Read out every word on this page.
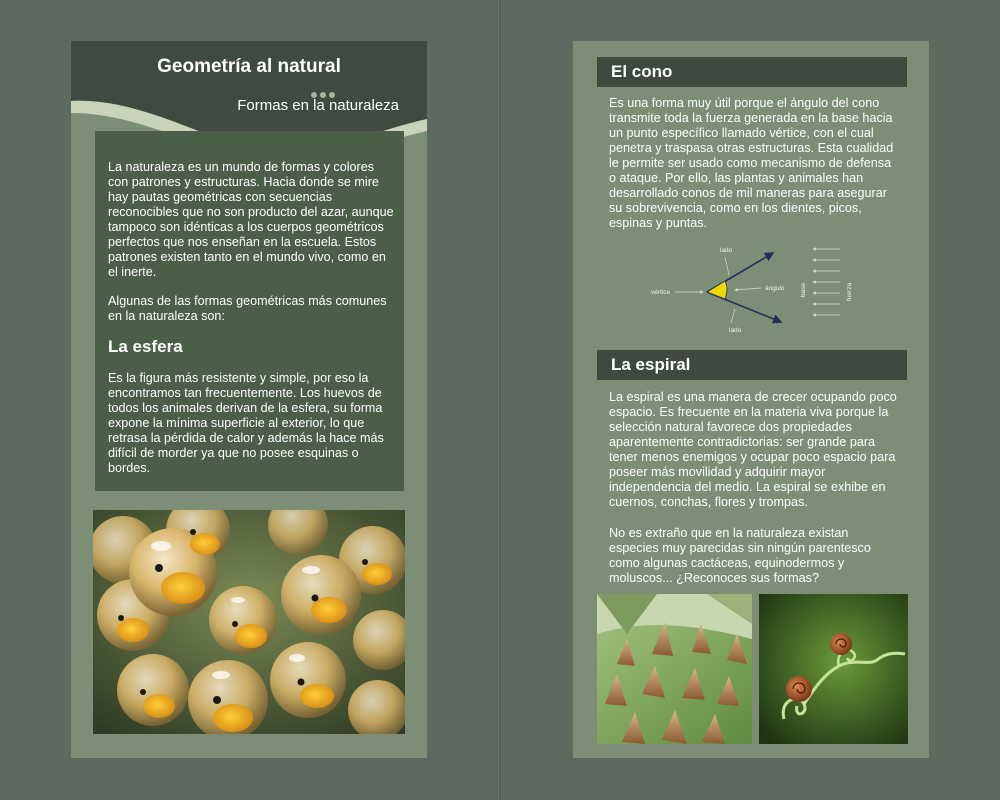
Geometría al natural
Formas en la naturaleza
La naturaleza es un mundo de formas y colores con patrones y estructuras. Hacia donde se mire hay pautas geométricas con secuencias reconocibles que no son producto del azar, aunque tampoco son idénticas a los cuerpos geométricos perfectos que nos enseñan en la escuela. Estos patrones existen tanto en el mundo vivo, como en el inerte.
Algunas de las formas geométricas más comunes en la naturaleza son:
La esfera
Es la figura más resistente y simple, por eso la encontramos tan frecuentemente. Los huevos de todos los animales derivan de la esfera, su forma expone la mínima superficie al exterior, lo que retrasa la pérdida de calor y además la hace más difícil de morder ya que no posee esquinas o bordes.
El cono
Es una forma muy útil porque el ángulo del cono transmite toda la fuerza generada en la base hacia un punto específico llamado vértice, con el cual penetra y traspasa otras estructuras. Esta cualidad le permite ser usado como mecanismo de defensa o ataque. Por ello, las plantas y animales han desarrollado conos de mil maneras para asegurar su sobrevivencia, como en los dientes, picos, espinas y puntas.
lado
lado
vértice
ángulo base	fuerza
La espiral
La espiral es una manera de crecer ocupando poco espacio. Es frecuente en la materia viva porque la selección natural favorece dos propiedades aparentemente contradictorias: ser grande para tener menos enemigos y ocupar poco espacio para poseer más movilidad y adquirir mayor independencia del medio. La espiral se exhibe en cuernos, conchas, flores y trompas.
No es extraño que en la naturaleza existan especies muy parecidas sin ningún parentesco como algunas cactáceas, equinodermos y moluscos... ¿Reconoces sus formas?
